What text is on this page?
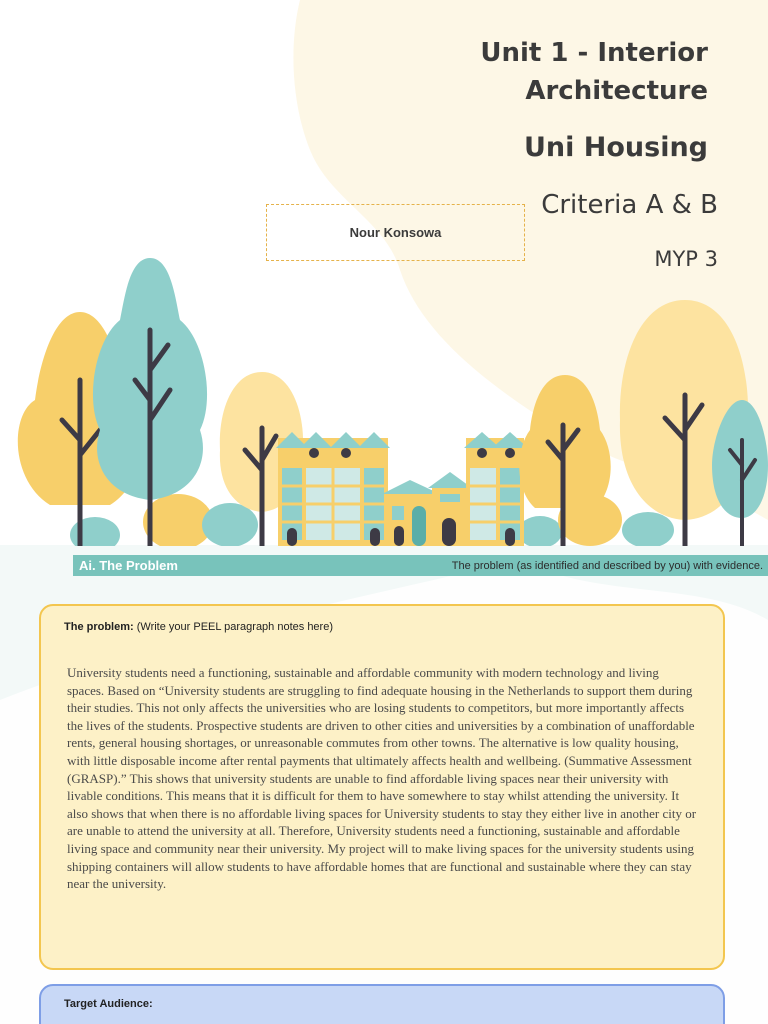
Unit 1 - Interior
Architecture
Uni Housing
Criteria A & B
MYP 3
Nour Konsowa
Ai. The Problem	The problem (as identified and described by you) with evidence.
The problem: (Write your PEEL paragraph notes here)

University students need a functioning, sustainable and affordable community with modern technology and living spaces. Based on “University students are struggling to find adequate housing in the Netherlands to support them during their studies. This not only affects the universities who are losing students to competitors, but more importantly affects the lives of the students. Prospective students are driven to other cities and universities by a combination of unaffordable rents, general housing shortages, or unreasonable commutes from other towns. The alternative is low quality housing, with little disposable income after rental payments that ultimately affects health and wellbeing. (Summative Assessment (GRASP).” This shows that university students are unable to find affordable living spaces near their university with livable conditions. This means that it is difficult for them to have somewhere to stay whilst attending the university. It also shows that when there is no affordable living spaces for University students to stay they either live in another city or are unable to attend the university at all. Therefore, University students need a functioning, sustainable and affordable living space and community near their university. My project will to make living spaces for the university students using shipping containers will allow students to have affordable homes that are functional and sustainable where they can stay near the university.

Target Audience:
